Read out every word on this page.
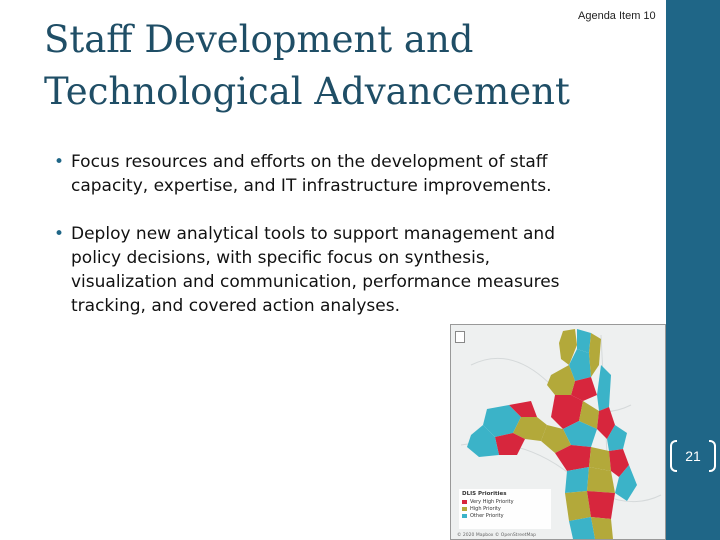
Staff Development and
Technological Advancement
Agenda Item 10
• Focus resources and efforts on the development of staff
capacity, expertise, and IT infrastructure improvements.
• Deploy new analytical tools to support management and
policy decisions, with specific focus on synthesis,
visualization and communication, performance measures
tracking, and covered action analyses.
DLIS Priorities
Very High Priority
High Priority
Other Priority
© 2020 Mapbox © OpenStreetMap
21
